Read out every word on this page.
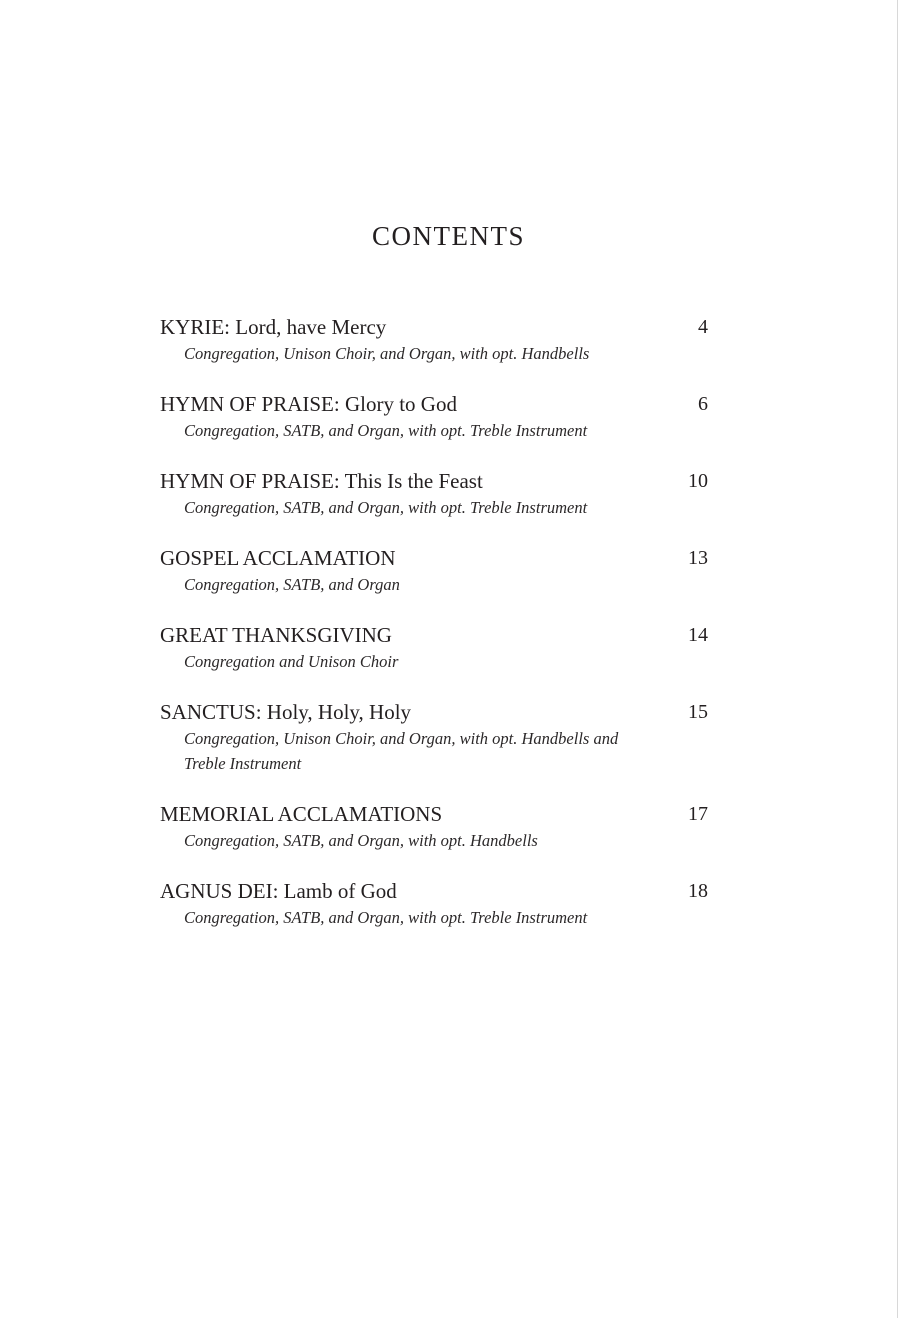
CONTENTS
KYRIE: Lord, have Mercy	4
Congregation, Unison Choir, and Organ, with opt. Handbells
HYMN OF PRAISE: Glory to God	6
Congregation, SATB, and Organ, with opt. Treble Instrument
HYMN OF PRAISE: This Is the Feast	10
Congregation, SATB, and Organ, with opt. Treble Instrument
GOSPEL ACCLAMATION	13
Congregation, SATB, and Organ
GREAT THANKSGIVING	14
Congregation and Unison Choir
SANCTUS: Holy, Holy, Holy	15
Congregation, Unison Choir, and Organ, with opt. Handbells and Treble Instrument
MEMORIAL ACCLAMATIONS	17
Congregation, SATB, and Organ, with opt. Handbells
AGNUS DEI: Lamb of God	18
Congregation, SATB, and Organ, with opt. Treble Instrument
